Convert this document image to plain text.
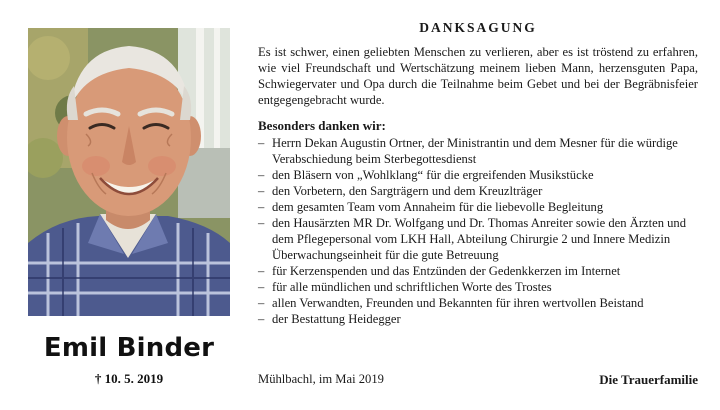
Emil Binder
† 10. 5. 2019
DANKSAGUNG

Es ist schwer, einen geliebten Menschen zu verlieren, aber es ist tröstend zu erfahren, wie viel Freundschaft und Wertschätzung meinem lieben Mann, herzensguten Papa, Schwiegervater und Opa durch die Teilnahme beim Gebet und bei der Begräbnisfeier entgegengebracht wurde.

Besonders danken wir:
– Herrn Dekan Augustin Ortner, der Ministrantin und dem Mesner für die würdige Verabschiedung beim Sterbegottesdienst
– den Bläsern von „Wohlklang“ für die ergreifenden Musikstücke
– den Vorbetern, den Sargträgern und dem Kreuzlträger
– dem gesamten Team vom Annaheim für die liebevolle Begleitung
– den Hausärzten MR Dr. Wolfgang und Dr. Thomas Anreiter sowie den Ärzten und dem Pflegepersonal vom LKH Hall, Abteilung Chirurgie 2 und Innere Medizin Überwachungseinheit für die gute Betreuung
– für Kerzenspenden und das Entzünden der Gedenkkerzen im Internet
– für alle mündlichen und schriftlichen Worte des Trostes
– allen Verwandten, Freunden und Bekannten für ihren wertvollen Beistand
– der Bestattung Heidegger
Mühlbachl, im Mai 2019	Die Trauerfamilie
